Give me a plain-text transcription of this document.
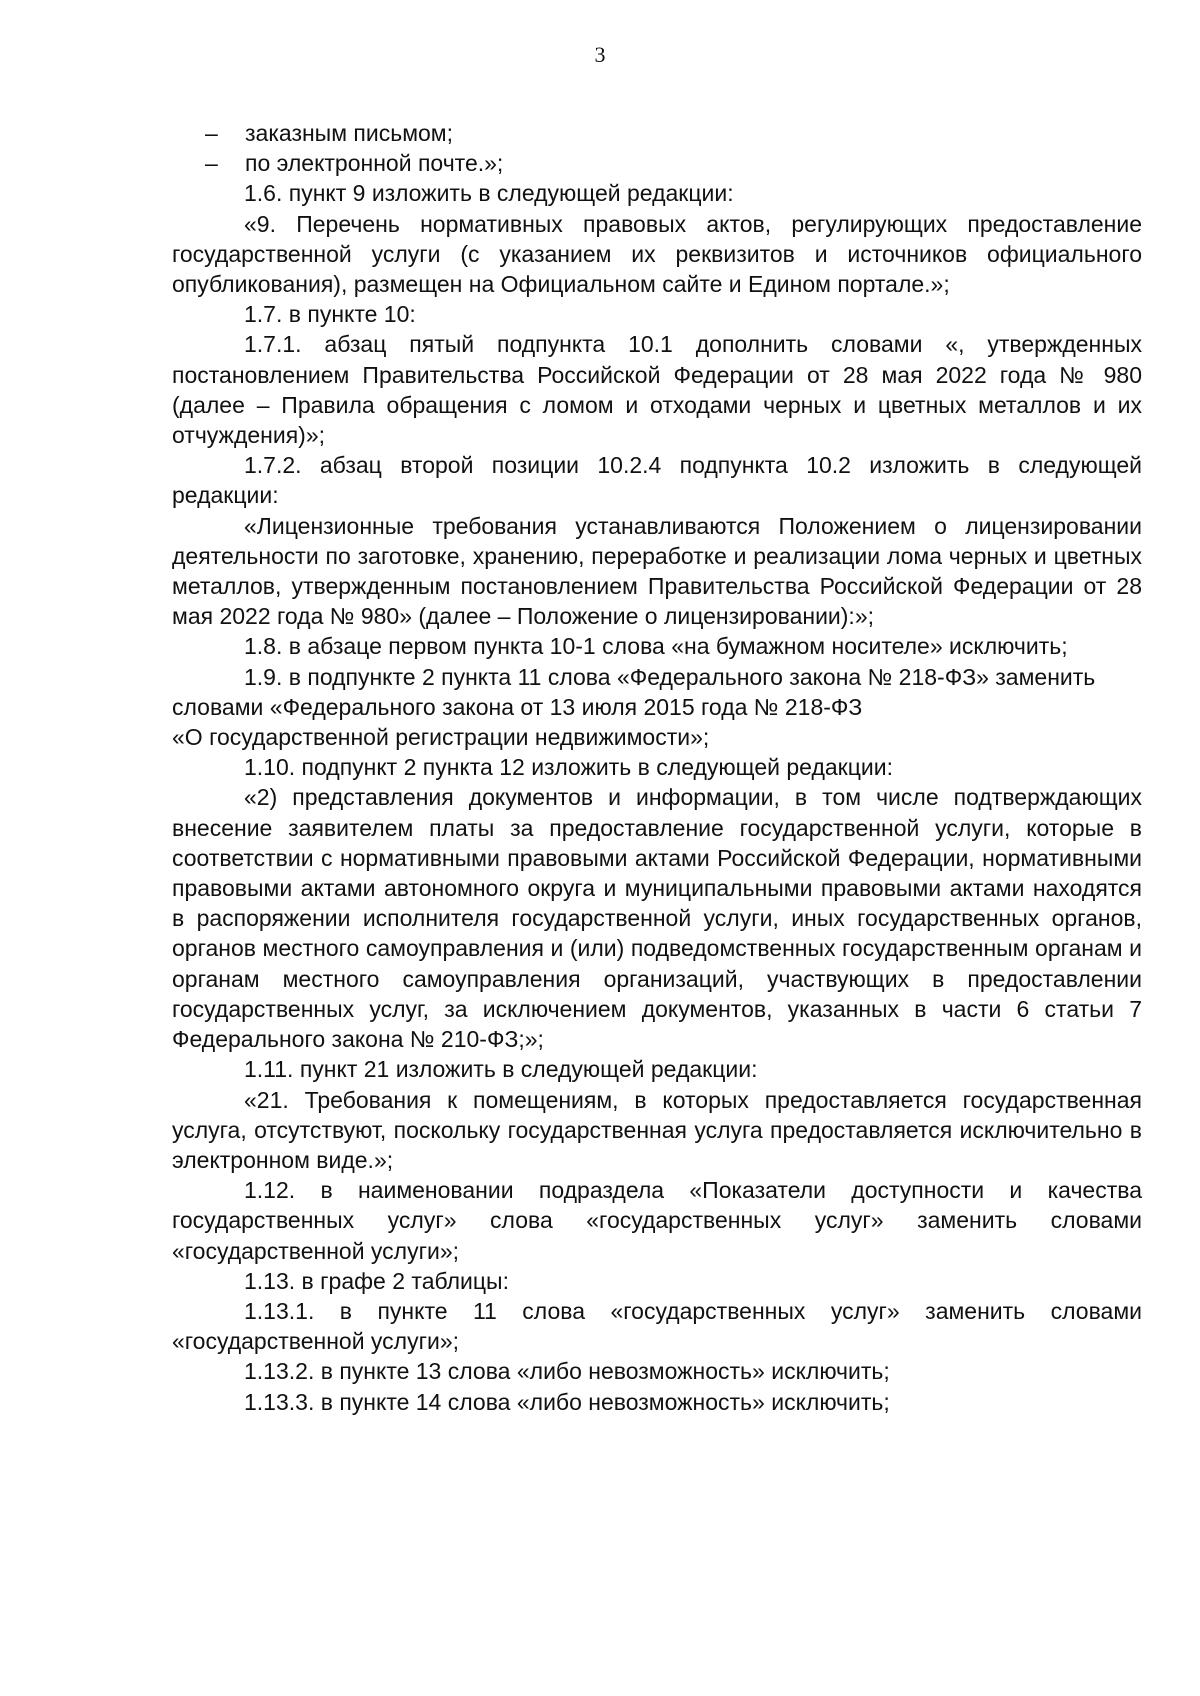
3
– заказным письмом;
– по электронной почте.»;

1.6. пункт 9 изложить в следующей редакции:

«9. Перечень нормативных правовых актов, регулирующих предоставление государственной услуги (с указанием их реквизитов и источников официального опубликования), размещен на Официальном сайте и Едином портале.»;

1.7. в пункте 10:

1.7.1. абзац пятый подпункта 10.1 дополнить словами «, утвержденных постановлением Правительства Российской Федерации от 28 мая 2022 года № 980 (далее – Правила обращения с ломом и отходами черных и цветных металлов и их отчуждения)»;

1.7.2. абзац второй позиции 10.2.4 подпункта 10.2 изложить в следующей редакции:

«Лицензионные требования устанавливаются Положением о лицензировании деятельности по заготовке, хранению, переработке и реализации лома черных и цветных металлов, утвержденным постановлением Правительства Российской Федерации от 28 мая 2022 года № 980» (далее – Положение о лицензировании):»;

1.8. в абзаце первом пункта 10-1 слова «на бумажном носителе» исключить;

1.9. в подпункте 2 пункта 11 слова «Федерального закона № 218-ФЗ» заменить словами «Федерального закона от 13 июля 2015 года № 218-ФЗ
«О государственной регистрации недвижимости»;

1.10. подпункт 2 пункта 12 изложить в следующей редакции:

«2) представления документов и информации, в том числе подтверждающих внесение заявителем платы за предоставление государственной услуги, которые в соответствии с нормативными правовыми актами Российской Федерации, нормативными правовыми актами автономного округа и муниципальными правовыми актами находятся в распоряжении исполнителя государственной услуги, иных государственных органов, органов местного самоуправления и (или) подведомственных государственным органам и органам местного самоуправления организаций, участвующих в предоставлении государственных услуг, за исключением документов, указанных в части 6 статьи 7 Федерального закона № 210-ФЗ;»;

1.11. пункт 21 изложить в следующей редакции:

«21. Требования к помещениям, в которых предоставляется государственная услуга, отсутствуют, поскольку государственная услуга предоставляется исключительно в электронном виде.»;

1.12. в наименовании подраздела «Показатели доступности и качества государственных услуг» слова «государственных услуг» заменить словами «государственной услуги»;

1.13. в графе 2 таблицы:

1.13.1. в пункте 11 слова «государственных услуг» заменить словами «государственной услуги»;

1.13.2. в пункте 13 слова «либо невозможность» исключить;

1.13.3. в пункте 14 слова «либо невозможность» исключить;
